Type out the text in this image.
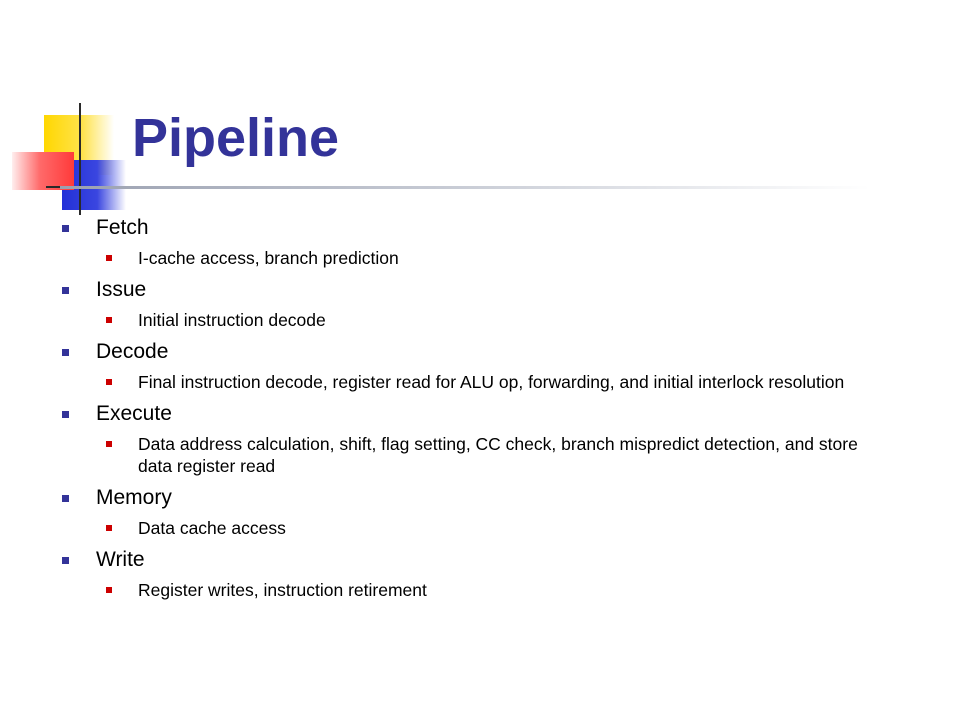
Pipeline
Fetch
I-cache access, branch prediction
Issue
Initial instruction decode
Decode
Final instruction decode, register read for ALU op, forwarding, and initial interlock resolution
Execute
Data address calculation, shift, flag setting, CC check, branch mispredict detection, and store data register read
Memory
Data cache access
Write
Register writes, instruction retirement
